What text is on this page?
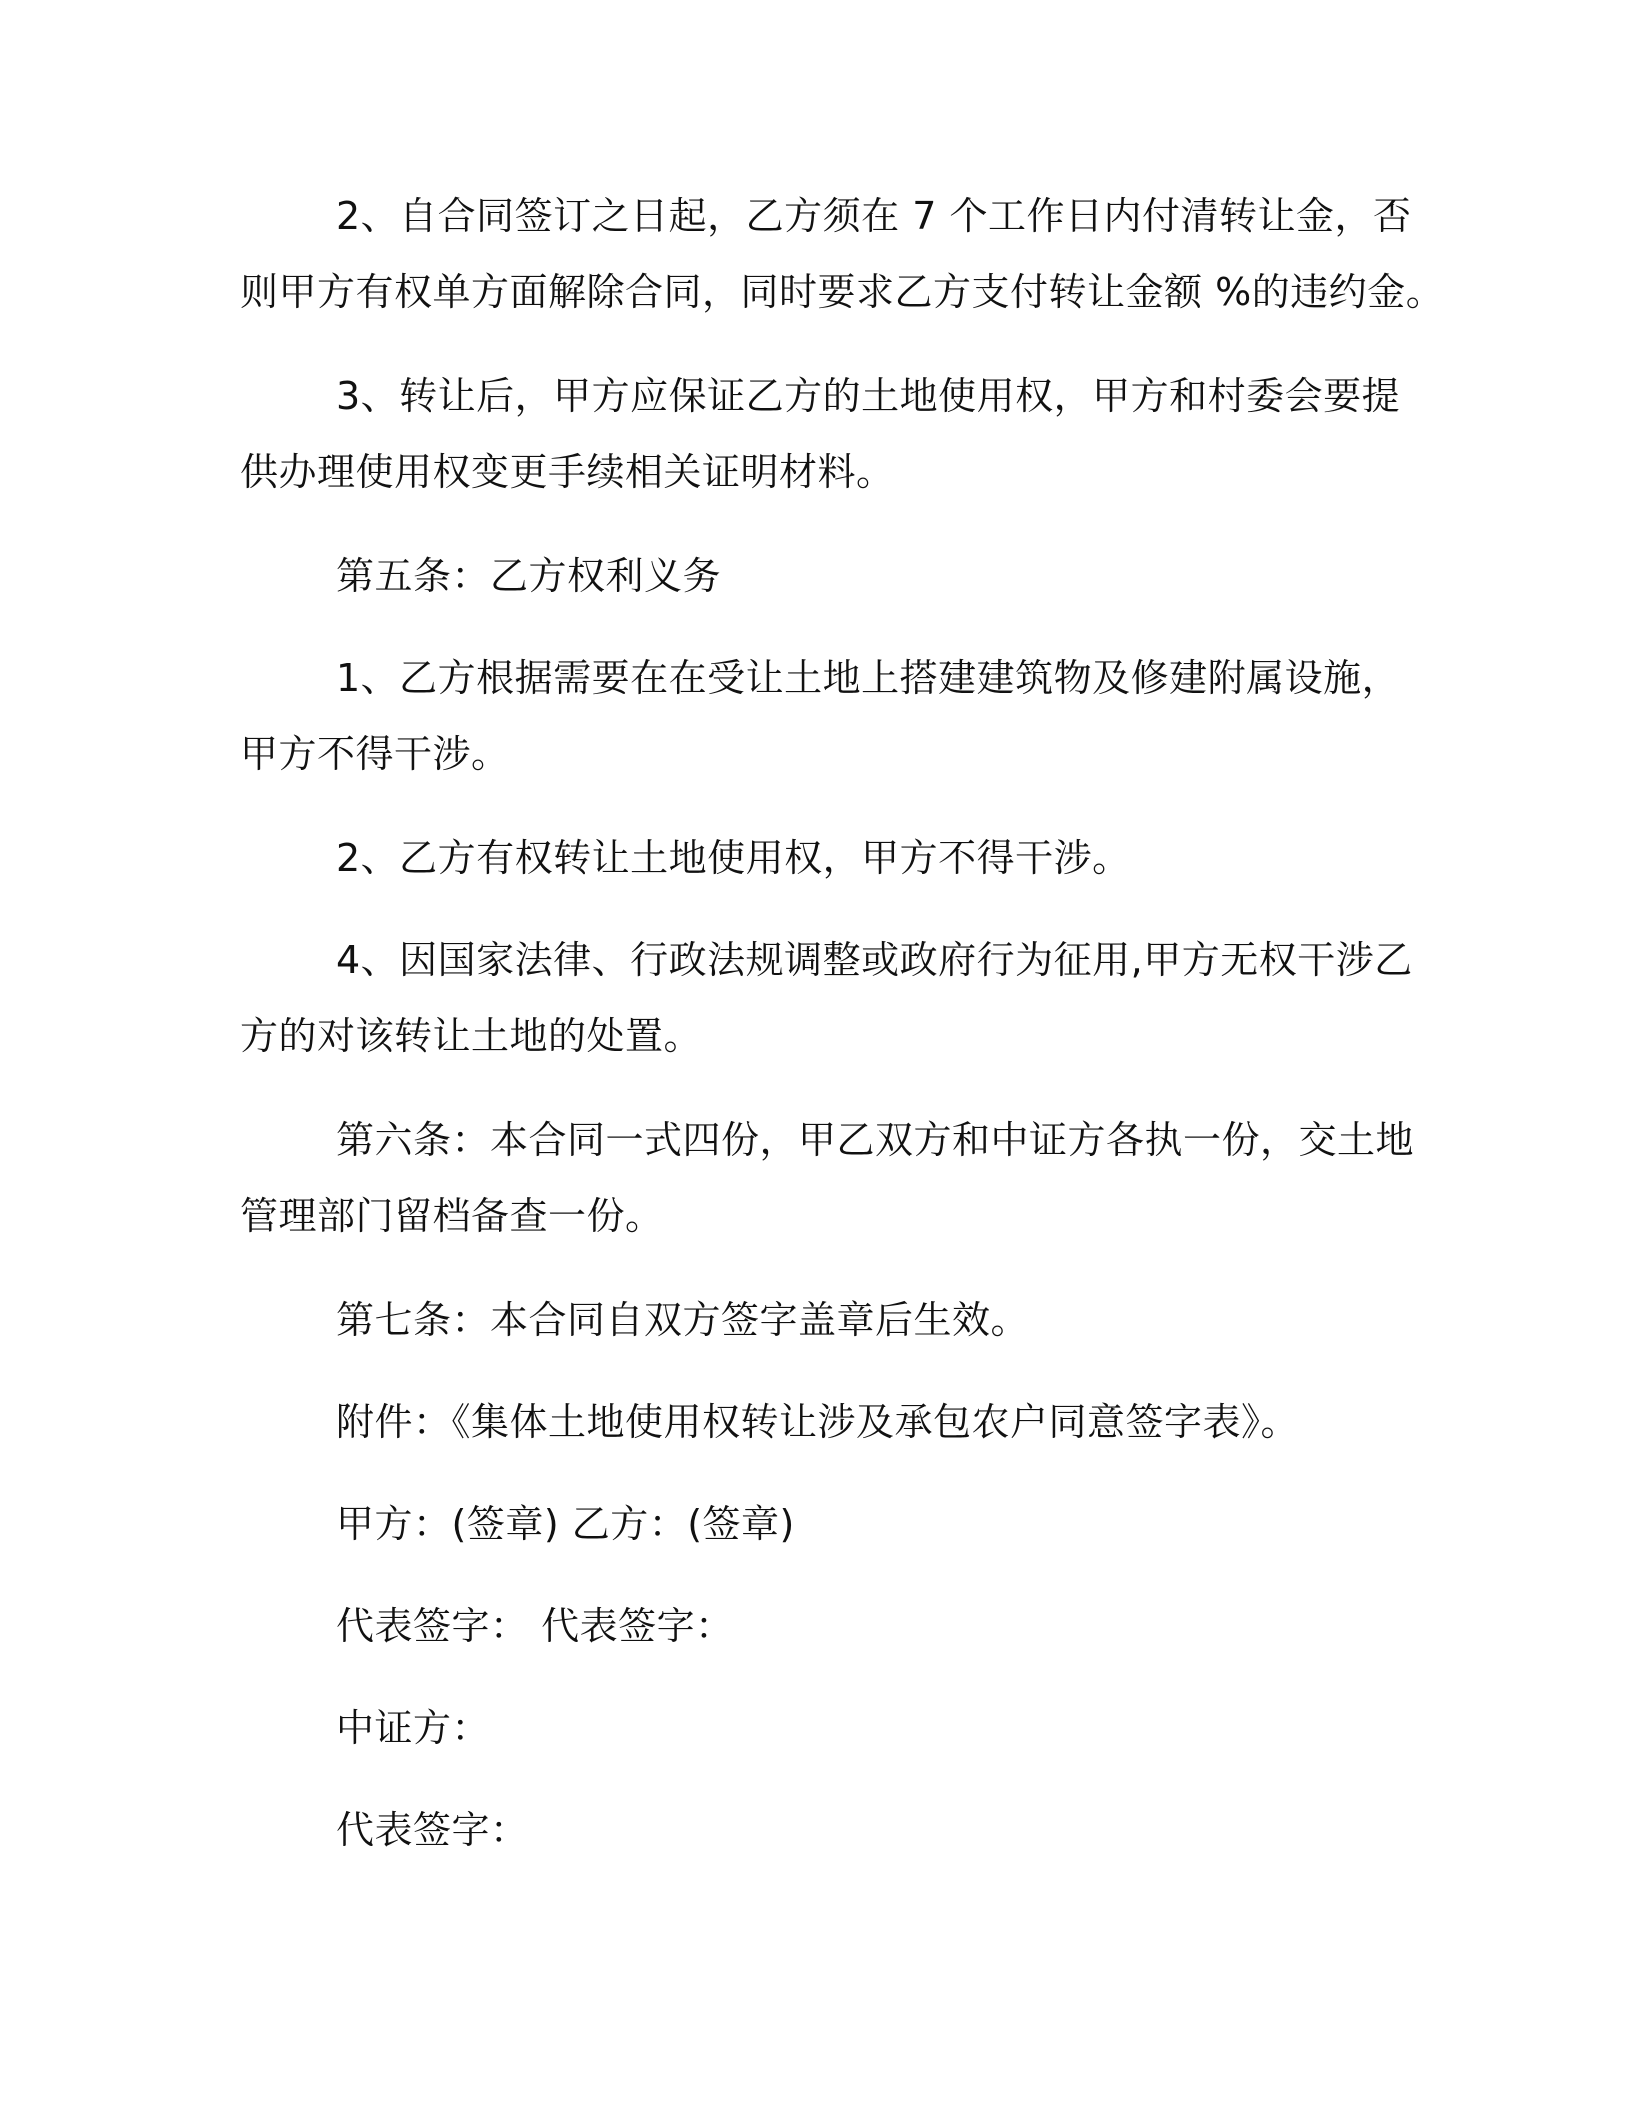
2、自合同签订之日起，乙方须在 7 个工作日内付清转让金，否
则甲方有权单方面解除合同，同时要求乙方支付转让金额 %的违约金。

3、转让后，甲方应保证乙方的土地使用权，甲方和村委会要提
供办理使用权变更手续相关证明材料。

第五条：乙方权利义务

1、乙方根据需要在在受让土地上搭建建筑物及修建附属设施，
甲方不得干涉。

2、乙方有权转让土地使用权，甲方不得干涉。

4、因国家法律、行政法规调整或政府行为征用,甲方无权干涉乙
方的对该转让土地的处置。

第六条：本合同一式四份，甲乙双方和中证方各执一份，交土地
管理部门留档备查一份。

第七条：本合同自双方签字盖章后生效。

附件：《集体土地使用权转让涉及承包农户同意签字表》。

甲方：(签章) 乙方：(签章)

代表签字： 代表签字：

中证方：

代表签字：
